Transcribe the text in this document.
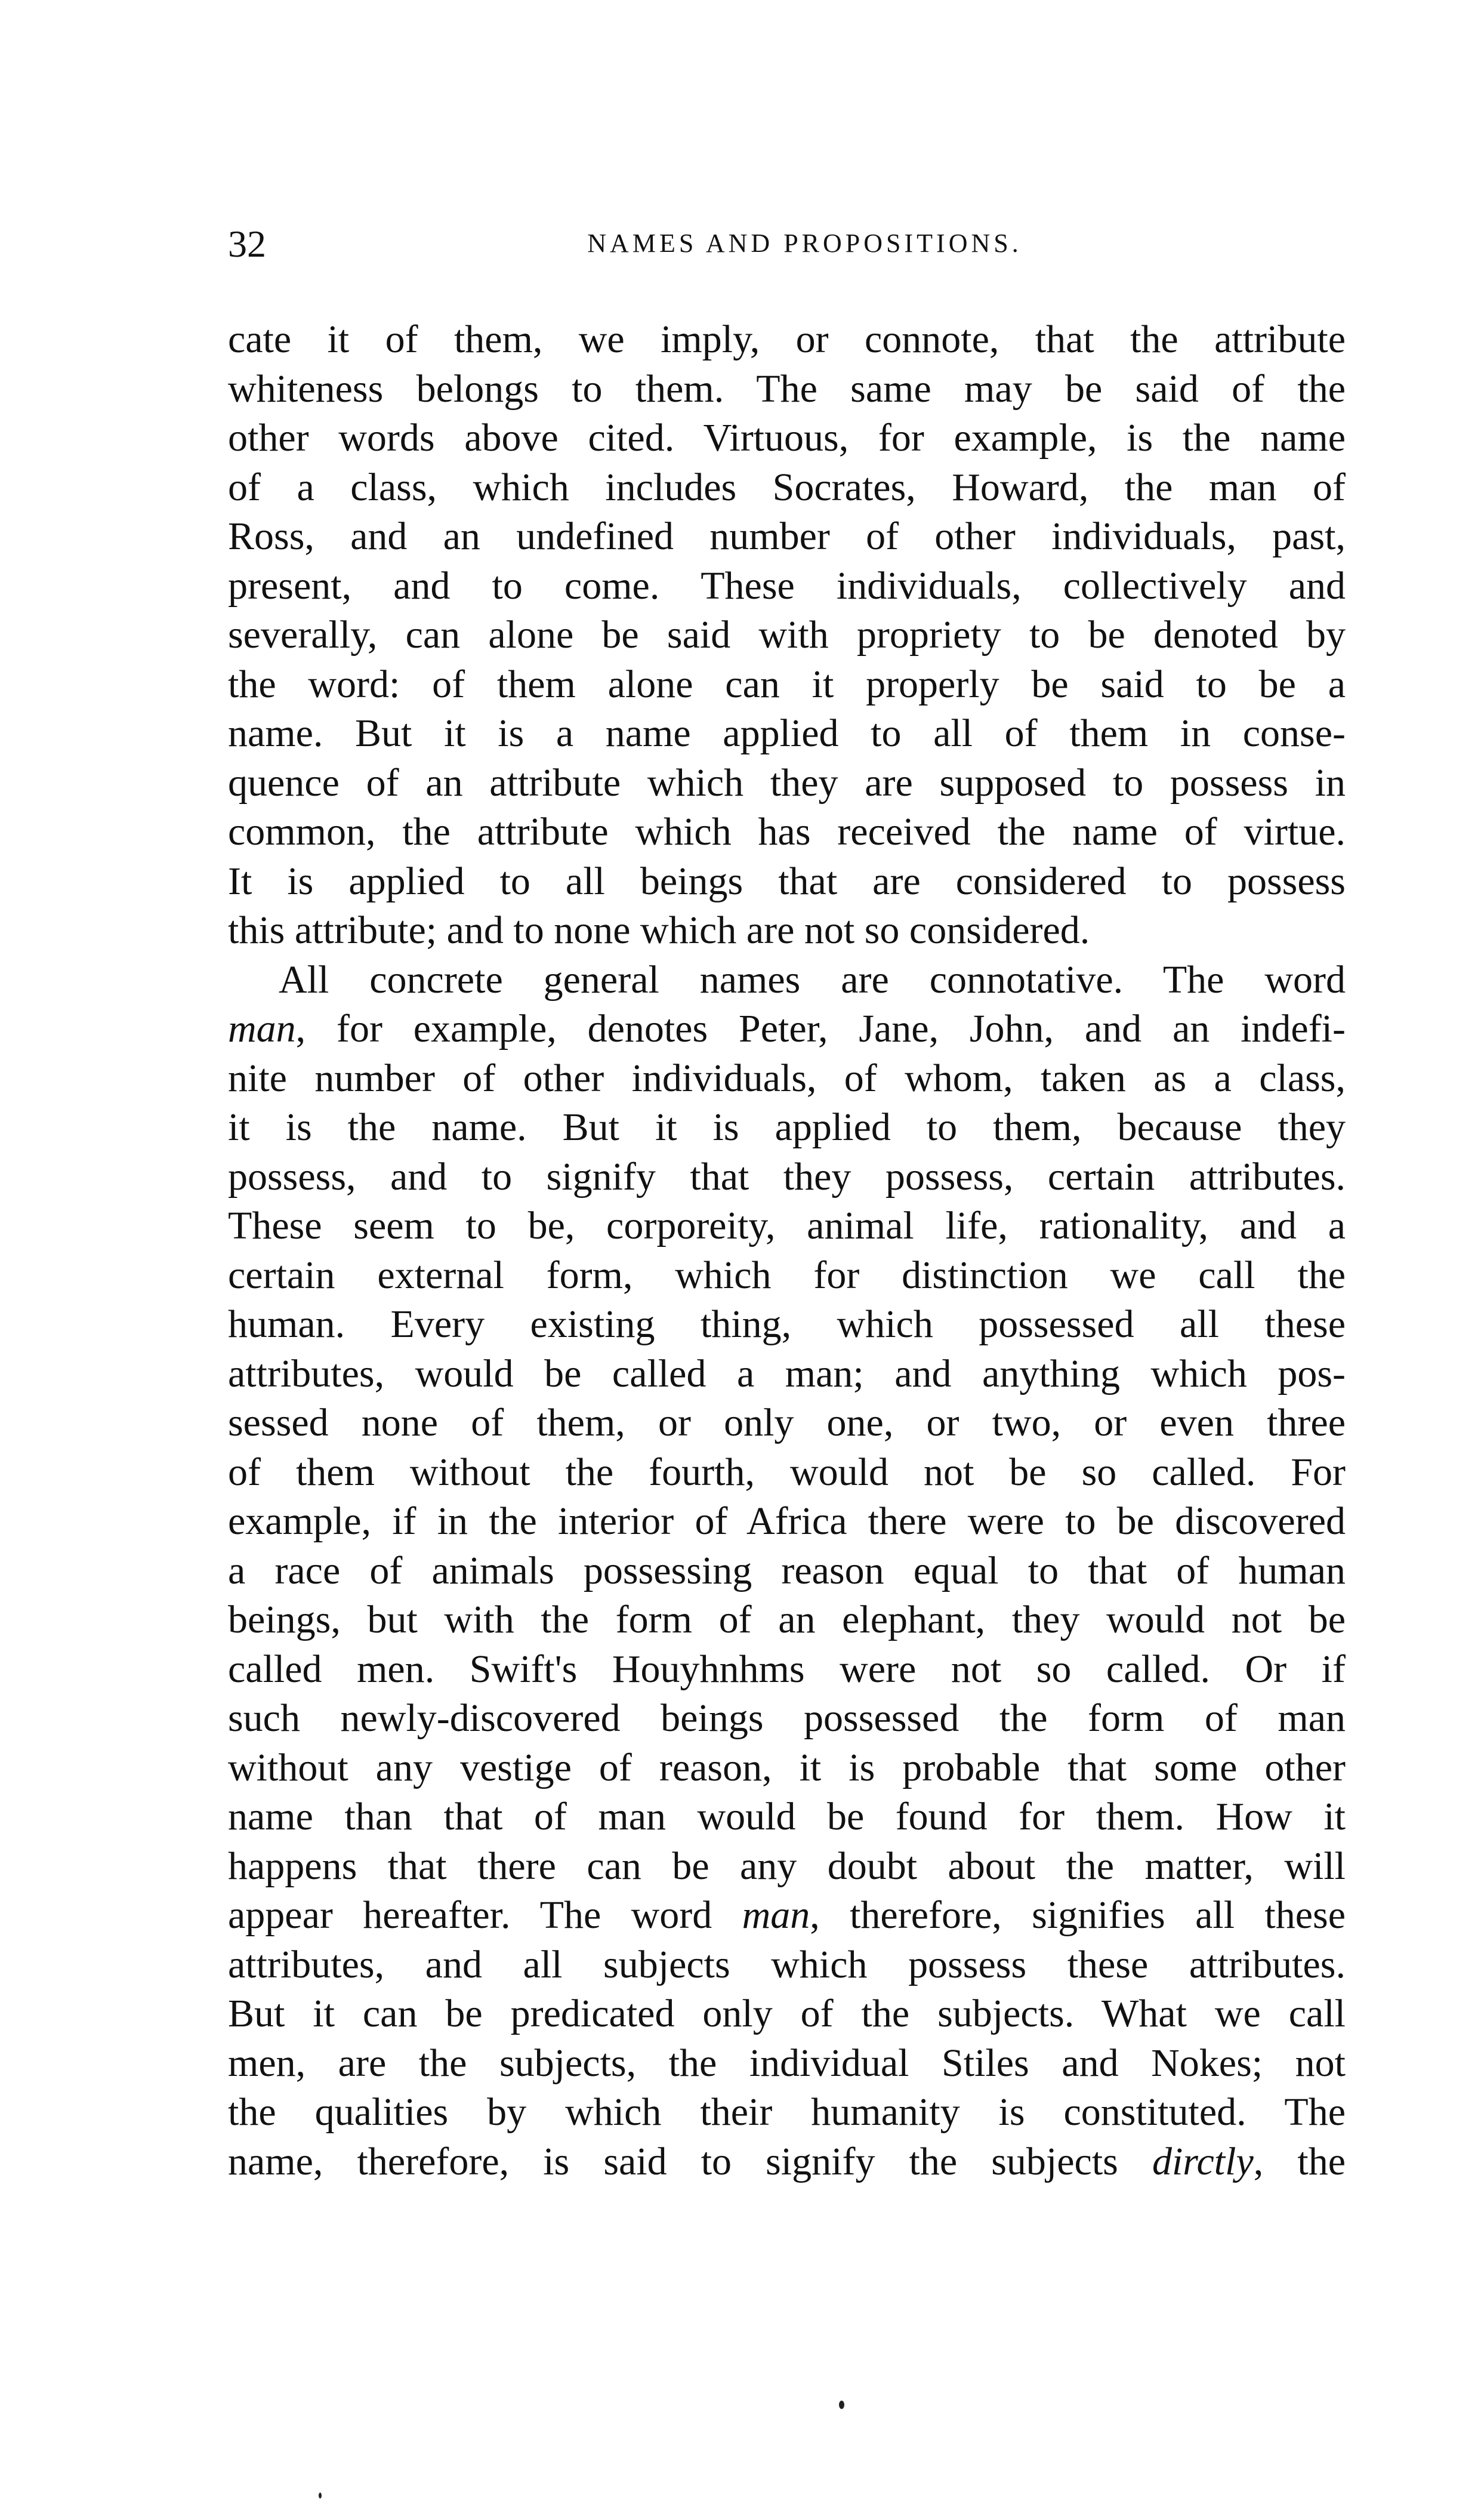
32	NAMES AND PROPOSITIONS.
cate it of them, we imply, or connote, that the attribute
whiteness belongs to them. The same may be said of the
other words above cited. Virtuous, for example, is the name
of a class, which includes Socrates, Howard, the man of
Ross, and an undefined number of other individuals, past,
present, and to come. These individuals, collectively and
severally, can alone be said with propriety to be denoted by
the word: of them alone can it properly be said to be a
name. But it is a name applied to all of them in conse-
quence of an attribute which they are supposed to possess in
common, the attribute which has received the name of virtue.
It is applied to all beings that are considered to possess
this attribute; and to none which are not so considered.
All concrete general names are connotative. The word
man, for example, denotes Peter, Jane, John, and an indefi-
nite number of other individuals, of whom, taken as a class,
it is the name. But it is applied to them, because they
possess, and to signify that they possess, certain attributes.
These seem to be, corporeity, animal life, rationality, and a
certain external form, which for distinction we call the
human. Every existing thing, which possessed all these
attributes, would be called a man; and anything which pos-
sessed none of them, or only one, or two, or even three
of them without the fourth, would not be so called. For
example, if in the interior of Africa there were to be discovered
a race of animals possessing reason equal to that of human
beings, but with the form of an elephant, they would not be
called men. Swift's Houyhnhms were not so called. Or if
such newly-discovered beings possessed the form of man
without any vestige of reason, it is probable that some other
name than that of man would be found for them. How it
happens that there can be any doubt about the matter, will
appear hereafter. The word man, therefore, signifies all these
attributes, and all subjects which possess these attributes.
But it can be predicated only of the subjects. What we call
men, are the subjects, the individual Stiles and Nokes; not
the qualities by which their humanity is constituted. The
name, therefore, is said to signify the subjects dirctly, the
